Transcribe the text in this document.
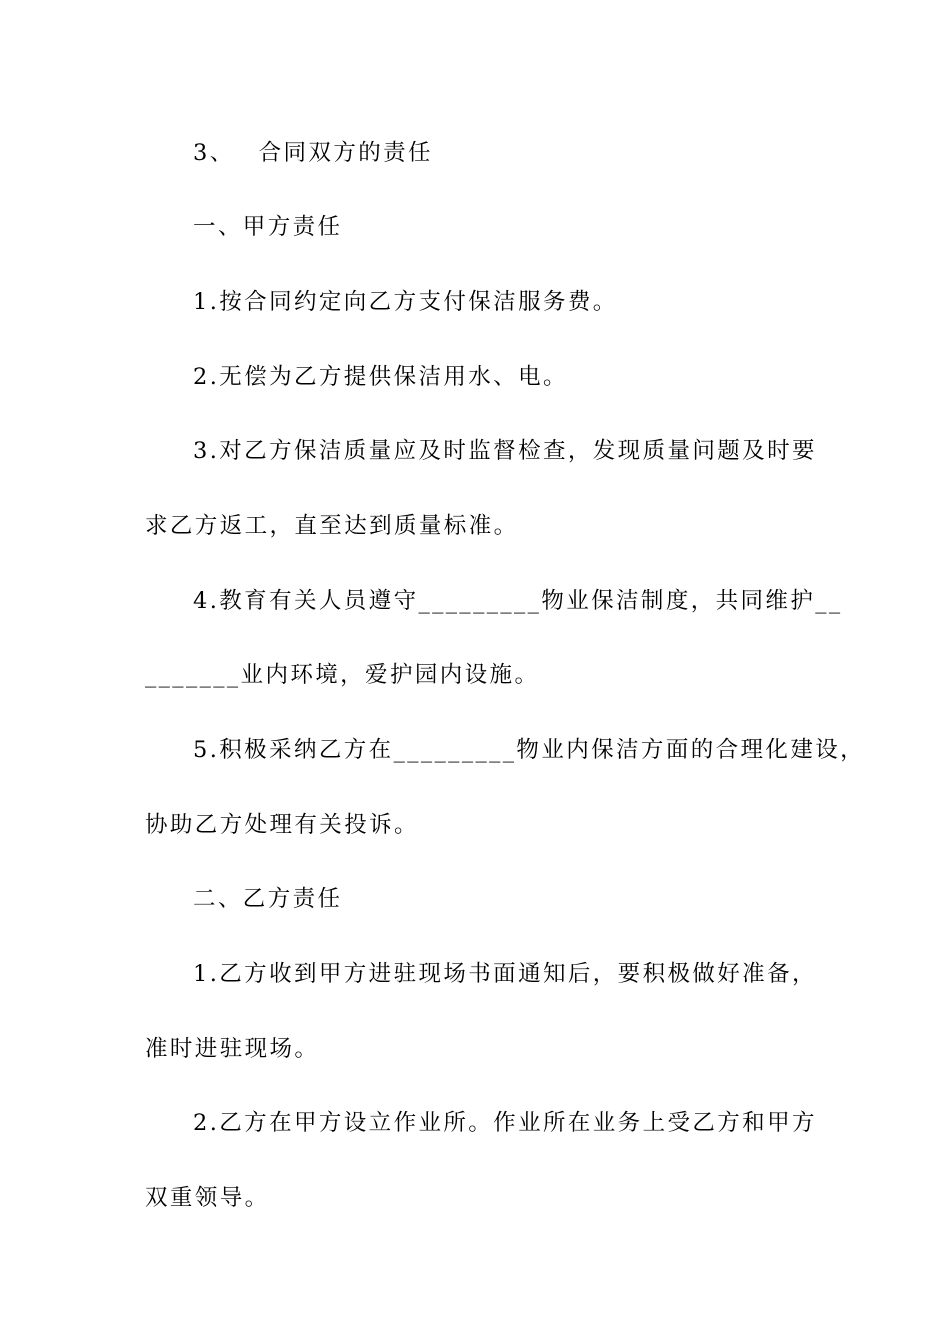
3、 合同双方的责任
一、甲方责任
1.按合同约定向乙方支付保洁服务费。
2.无偿为乙方提供保洁用水、电。
3.对乙方保洁质量应及时监督检查，发现质量问题及时要
求乙方返工，直至达到质量标准。
4.教育有关人员遵守_________物业保洁制度，共同维护__
_______业内环境，爱护园内设施。
5.积极采纳乙方在_________物业内保洁方面的合理化建设，
协助乙方处理有关投诉。
二、乙方责任
1.乙方收到甲方进驻现场书面通知后，要积极做好准备，
准时进驻现场。
2.乙方在甲方设立作业所。作业所在业务上受乙方和甲方
双重领导。
